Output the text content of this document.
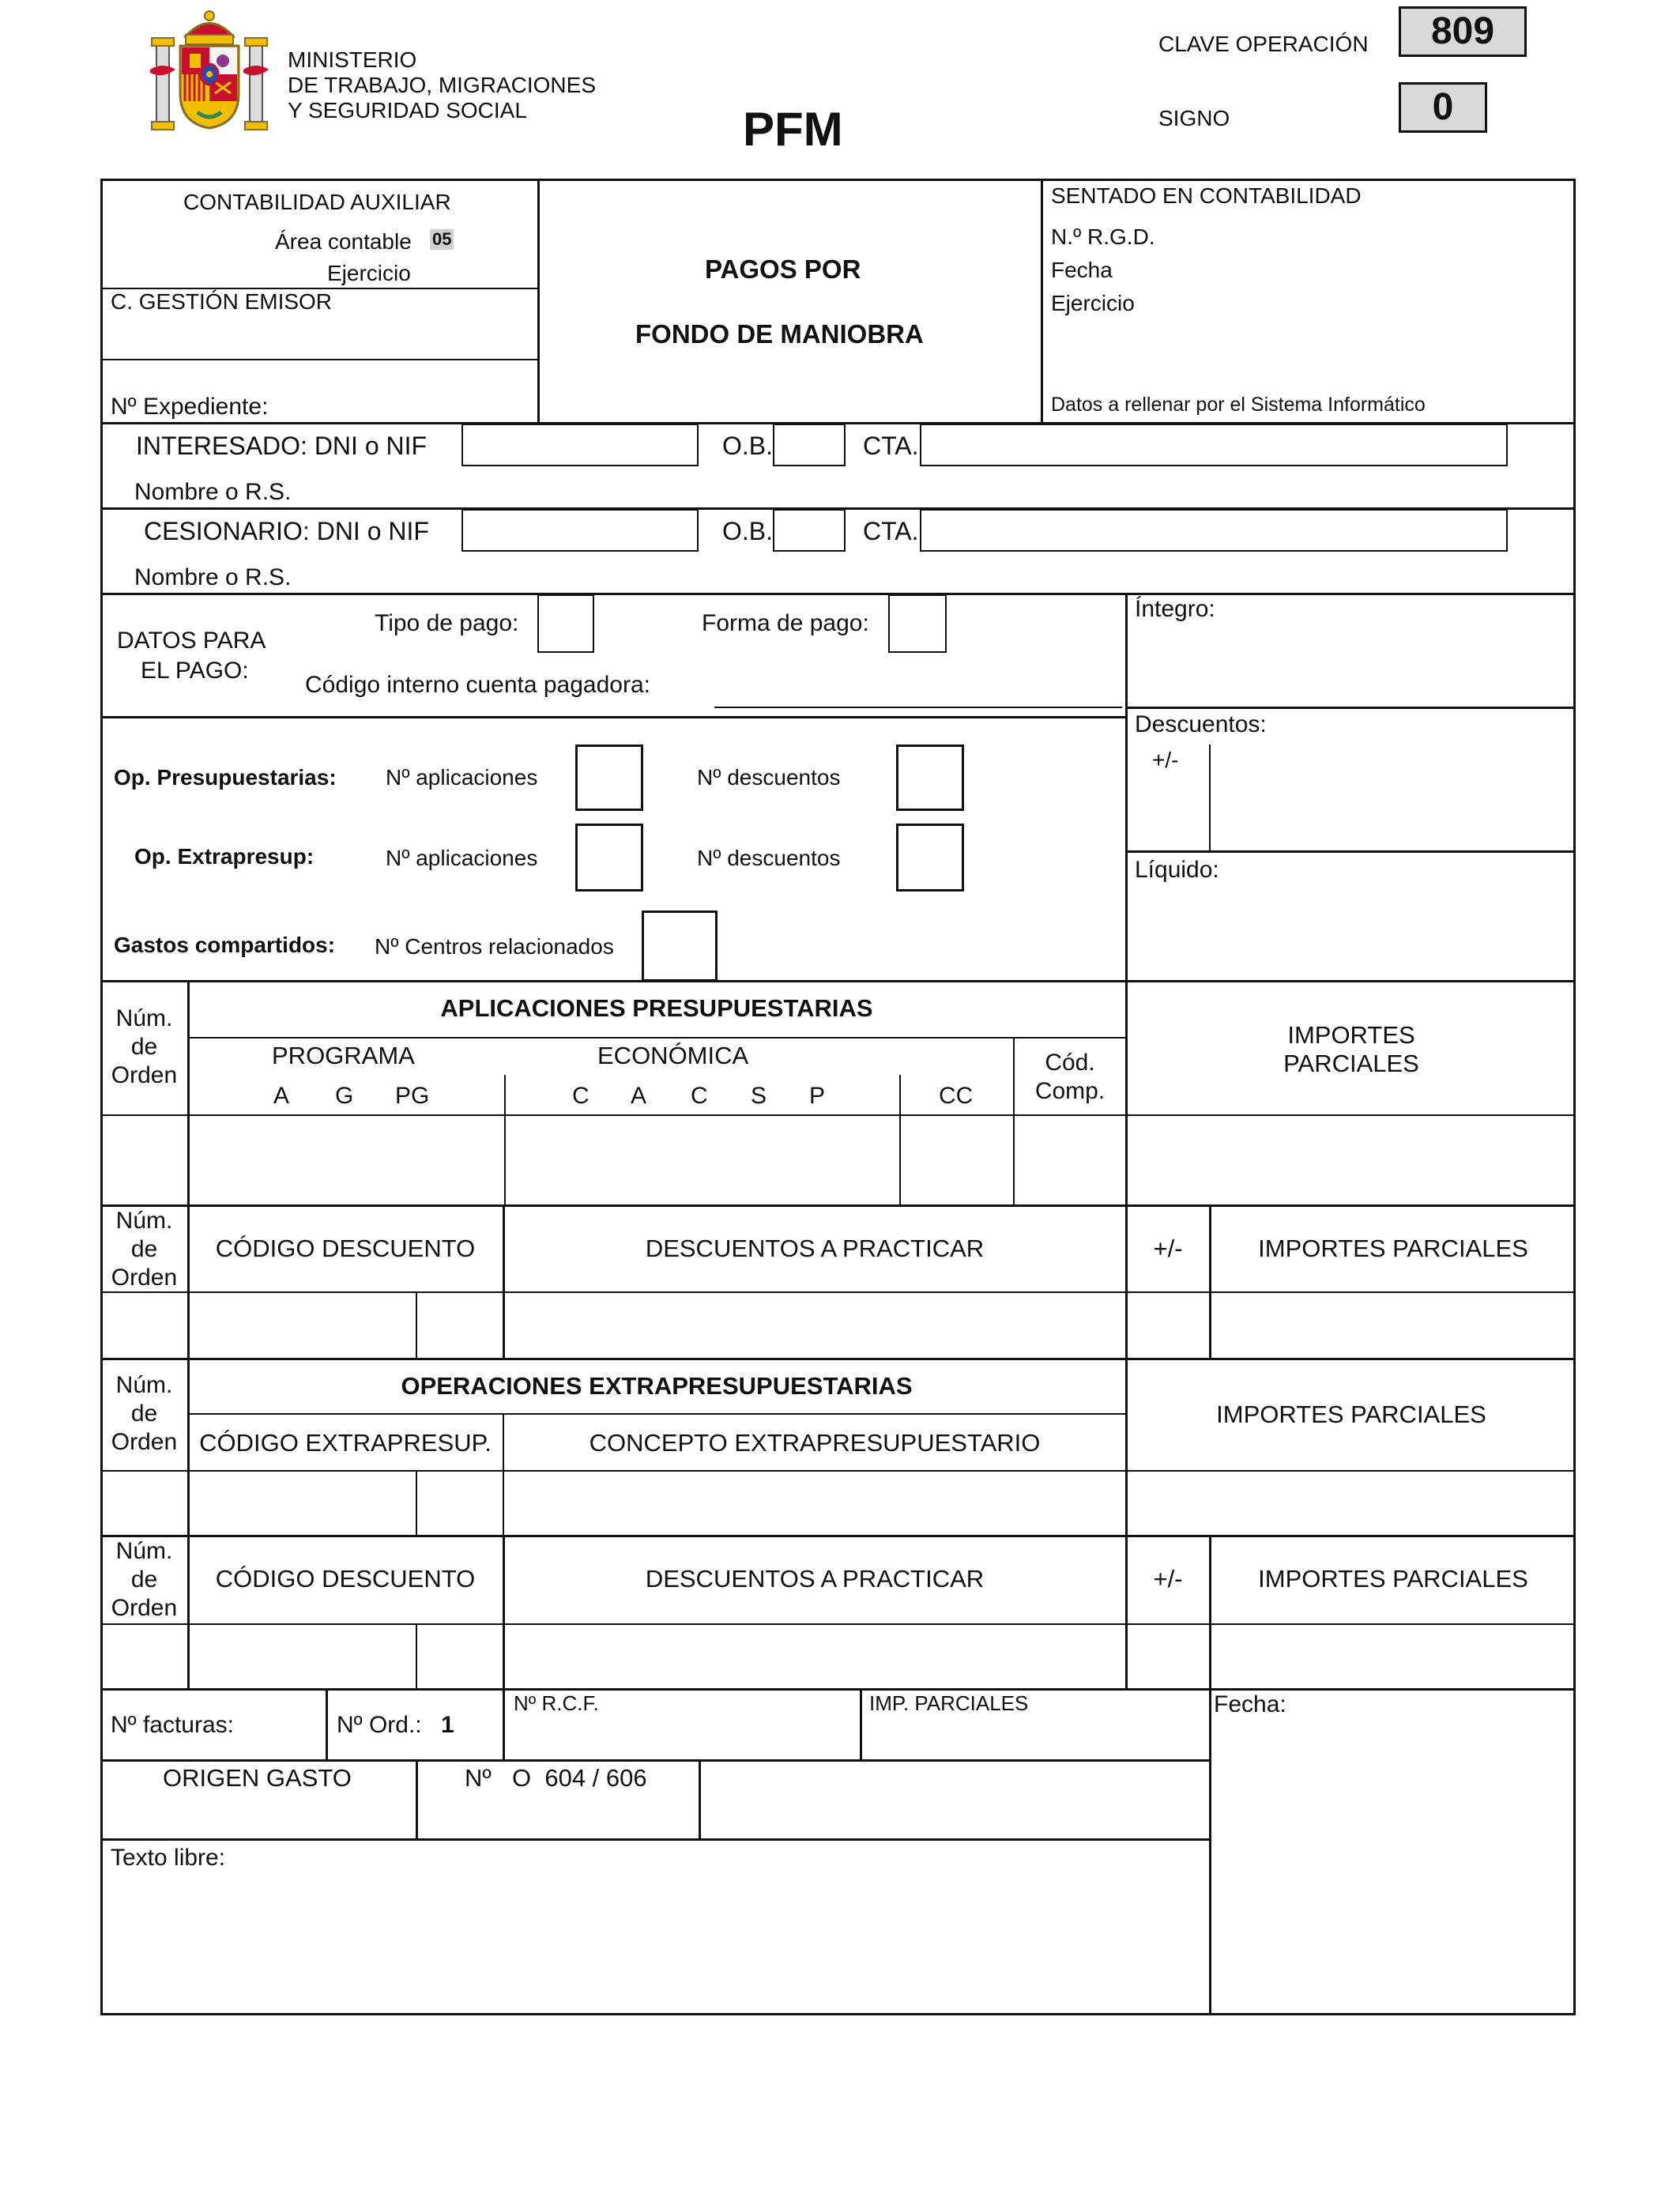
MINISTERIO
DE TRABAJO, MIGRACIONES
Y SEGURIDAD SOCIAL	PFM
CLAVE OPERACIÓN	809
SIGNO	0
CONTABILIDAD AUXILIAR
Área contable 05
Ejercicio
C. GESTIÓN EMISOR
Nº Expediente:
PAGOS POR
FONDO DE MANIOBRA
SENTADO EN CONTABILIDAD
N.º R.G.D.
Fecha
Ejercicio
Datos a rellenar por el Sistema Informático
INTERESADO: DNI o NIF	O.B.	CTA.
Nombre o R.S.
CESIONARIO: DNI o NIF	O.B.	CTA.
Nombre o R.S.
DATOS PARA
EL PAGO:
Tipo de pago:	Forma de pago:
Código interno cuenta pagadora:
Íntegro:
Descuentos:
+/-
Líquido:
Op. Presupuestarias: Nº aplicaciones	Nº descuentos
Op. Extrapresup:	Nº aplicaciones	Nº descuentos
Gastos compartidos: Nº Centros relacionados
Núm.
de
Orden
APLICACIONES PRESUPUESTARIAS
PROGRAMA	ECONÓMICA
A G PG	C A C S P	CC
Cód.
Comp.
IMPORTES
PARCIALES
Núm.
de
Orden
CÓDIGO DESCUENTO	DESCUENTOS A PRACTICAR	+/-	IMPORTES PARCIALES
Núm.
de
Orden
OPERACIONES EXTRAPRESUPUESTARIAS
CÓDIGO EXTRAPRESUP.	CONCEPTO EXTRAPRESUPUESTARIO
IMPORTES PARCIALES
Núm.
de
Orden
CÓDIGO DESCUENTO	DESCUENTOS A PRACTICAR	+/-	IMPORTES PARCIALES
Nº facturas:	Nº Ord.: 1
Nº R.C.F.	IMP. PARCIALES	Fecha:
ORIGEN GASTO	Nº O  604 / 606
Texto libre:
